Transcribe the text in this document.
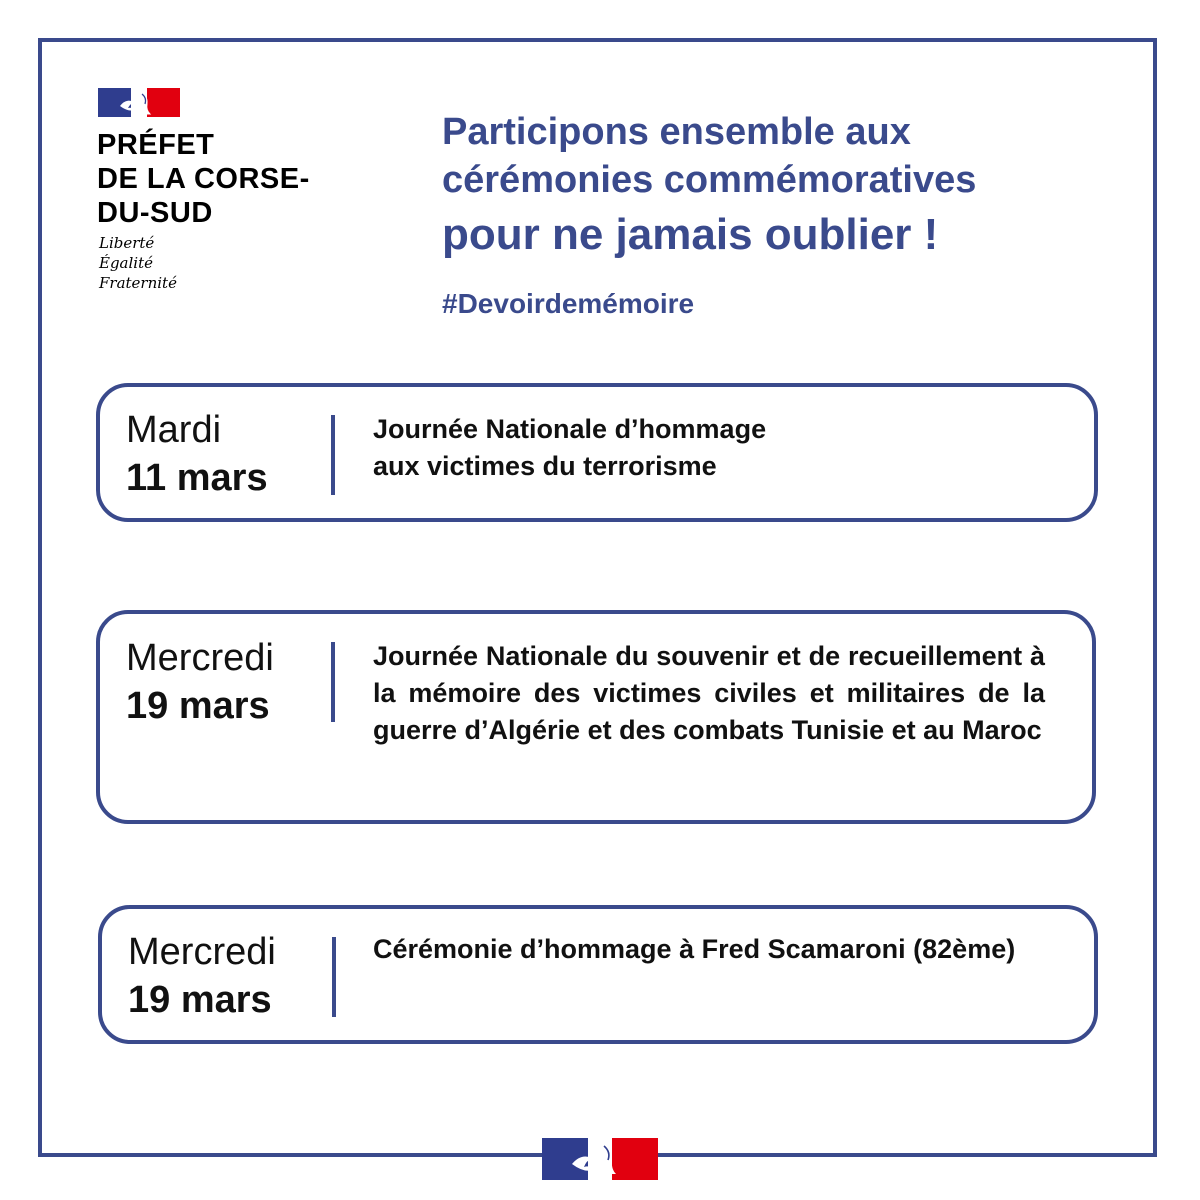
PRÉFET
DE LA CORSE-
DU-SUD
Liberté
Égalité
Fraternité
Participons ensemble aux
cérémonies commémoratives
pour ne jamais oublier !
#Devoirdemémoire
Mardi
11 mars
Journée Nationale d’hommage
aux victimes du terrorisme
Mercredi
19 mars
Journée Nationale du souvenir et de recueillement à la mémoire des victimes civiles et militaires de la guerre d’Algérie et des combats Tunisie et au Maroc
Mercredi
19 mars
Cérémonie d’hommage à Fred Scamaroni (82ème)
